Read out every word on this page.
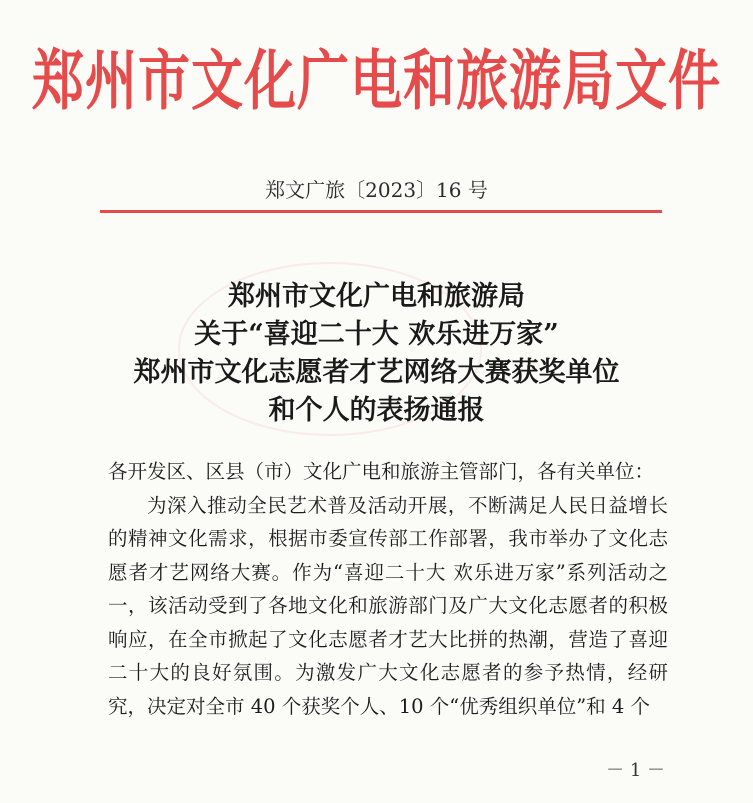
郑州市文化广电和旅游局文件
郑文广旅〔2023〕16 号
郑州市文化广电和旅游局
关于“喜迎二十大 欢乐进万家”
郑州市文化志愿者才艺网络大赛获奖单位
和个人的表扬通报

各开发区、区县（市）文化广电和旅游主管部门，各有关单位：

为深入推动全民艺术普及活动开展，不断满足人民日益增长的精神文化需求，根据市委宣传部工作部署，我市举办了文化志愿者才艺网络大赛。作为“喜迎二十大 欢乐进万家”系列活动之一，该活动受到了各地文化和旅游部门及广大文化志愿者的积极响应，在全市掀起了文化志愿者才艺大比拼的热潮，营造了喜迎二十大的良好氛围。为激发广大文化志愿者的参予热情，经研究，决定对全市 40 个获奖个人、10 个“优秀组织单位”和 4 个

－ 1 －
